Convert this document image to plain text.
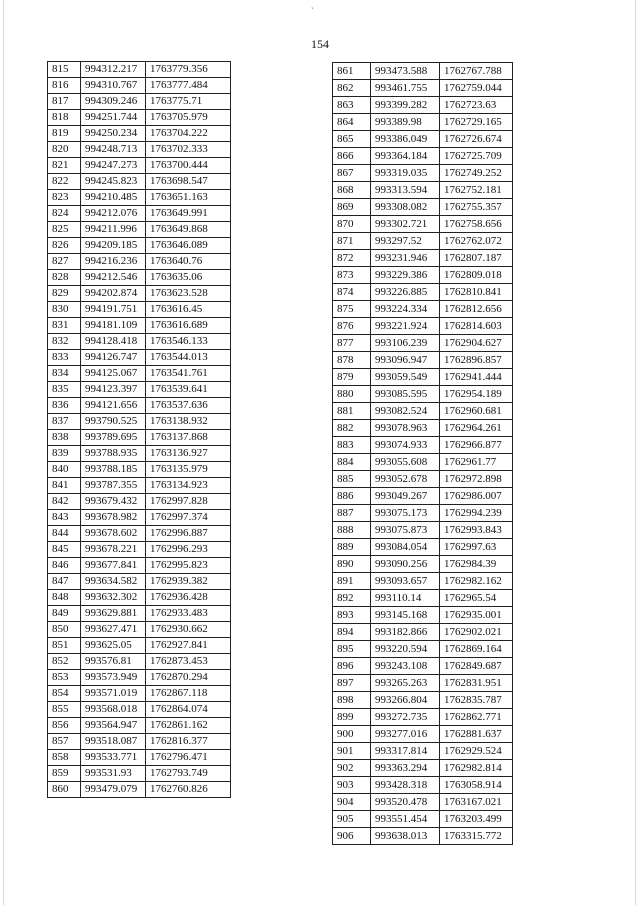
`
154
815	994312.217	1763779.356
816	994310.767	1763777.484
817	994309.246	1763775.71
818	994251.744	1763705.979
819	994250.234	1763704.222
820	994248.713	1763702.333
821	994247.273	1763700.444
822	994245.823	1763698.547
823	994210.485	1763651.163
824	994212.076	1763649.991
825	994211.996	1763649.868
826	994209.185	1763646.089
827	994216.236	1763640.76
828	994212.546	1763635.06
829	994202.874	1763623.528
830	994191.751	1763616.45
831	994181.109	1763616.689
832	994128.418	1763546.133
833	994126.747	1763544.013
834	994125.067	1763541.761
835	994123.397	1763539.641
836	994121.656	1763537.636
837	993790.525	1763138.932
838	993789.695	1763137.868
839	993788.935	1763136.927
840	993788.185	1763135.979
841	993787.355	1763134.923
842	993679.432	1762997.828
843	993678.982	1762997.374
844	993678.602	1762996.887
845	993678.221	1762996.293
846	993677.841	1762995.823
847	993634.582	1762939.382
848	993632.302	1762936.428
849	993629.881	1762933.483
850	993627.471	1762930.662
851	993625.05	1762927.841
852	993576.81	1762873.453
853	993573.949	1762870.294
854	993571.019	1762867.118
855	993568.018	1762864.074
856	993564.947	1762861.162
857	993518.087	1762816.377
858	993533.771	1762796.471
859	993531.93	1762793.749
860	993479.079	1762760.826
861	993473.588	1762767.788
862	993461.755	1762759.044
863	993399.282	1762723.63
864	993389.98	1762729.165
865	993386.049	1762726.674
866	993364.184	1762725.709
867	993319.035	1762749.252
868	993313.594	1762752.181
869	993308.082	1762755.357
870	993302.721	1762758.656
871	993297.52	1762762.072
872	993231.946	1762807.187
873	993229.386	1762809.018
874	993226.885	1762810.841
875	993224.334	1762812.656
876	993221.924	1762814.603
877	993106.239	1762904.627
878	993096.947	1762896.857
879	993059.549	1762941.444
880	993085.595	1762954.189
881	993082.524	1762960.681
882	993078.963	1762964.261
883	993074.933	1762966.877
884	993055.608	1762961.77
885	993052.678	1762972.898
886	993049.267	1762986.007
887	993075.173	1762994.239
888	993075.873	1762993.843
889	993084.054	1762997.63
890	993090.256	1762984.39
891	993093.657	1762982.162
892	993110.14	1762965.54
893	993145.168	1762935.001
894	993182.866	1762902.021
895	993220.594	1762869.164
896	993243.108	1762849.687
897	993265.263	1762831.951
898	993266.804	1762835.787
899	993272.735	1762862.771
900	993277.016	1762881.637
901	993317.814	1762929.524
902	993363.294	1762982.814
903	993428.318	1763058.914
904	993520.478	1763167.021
905	993551.454	1763203.499
906	993638.013	1763315.772
